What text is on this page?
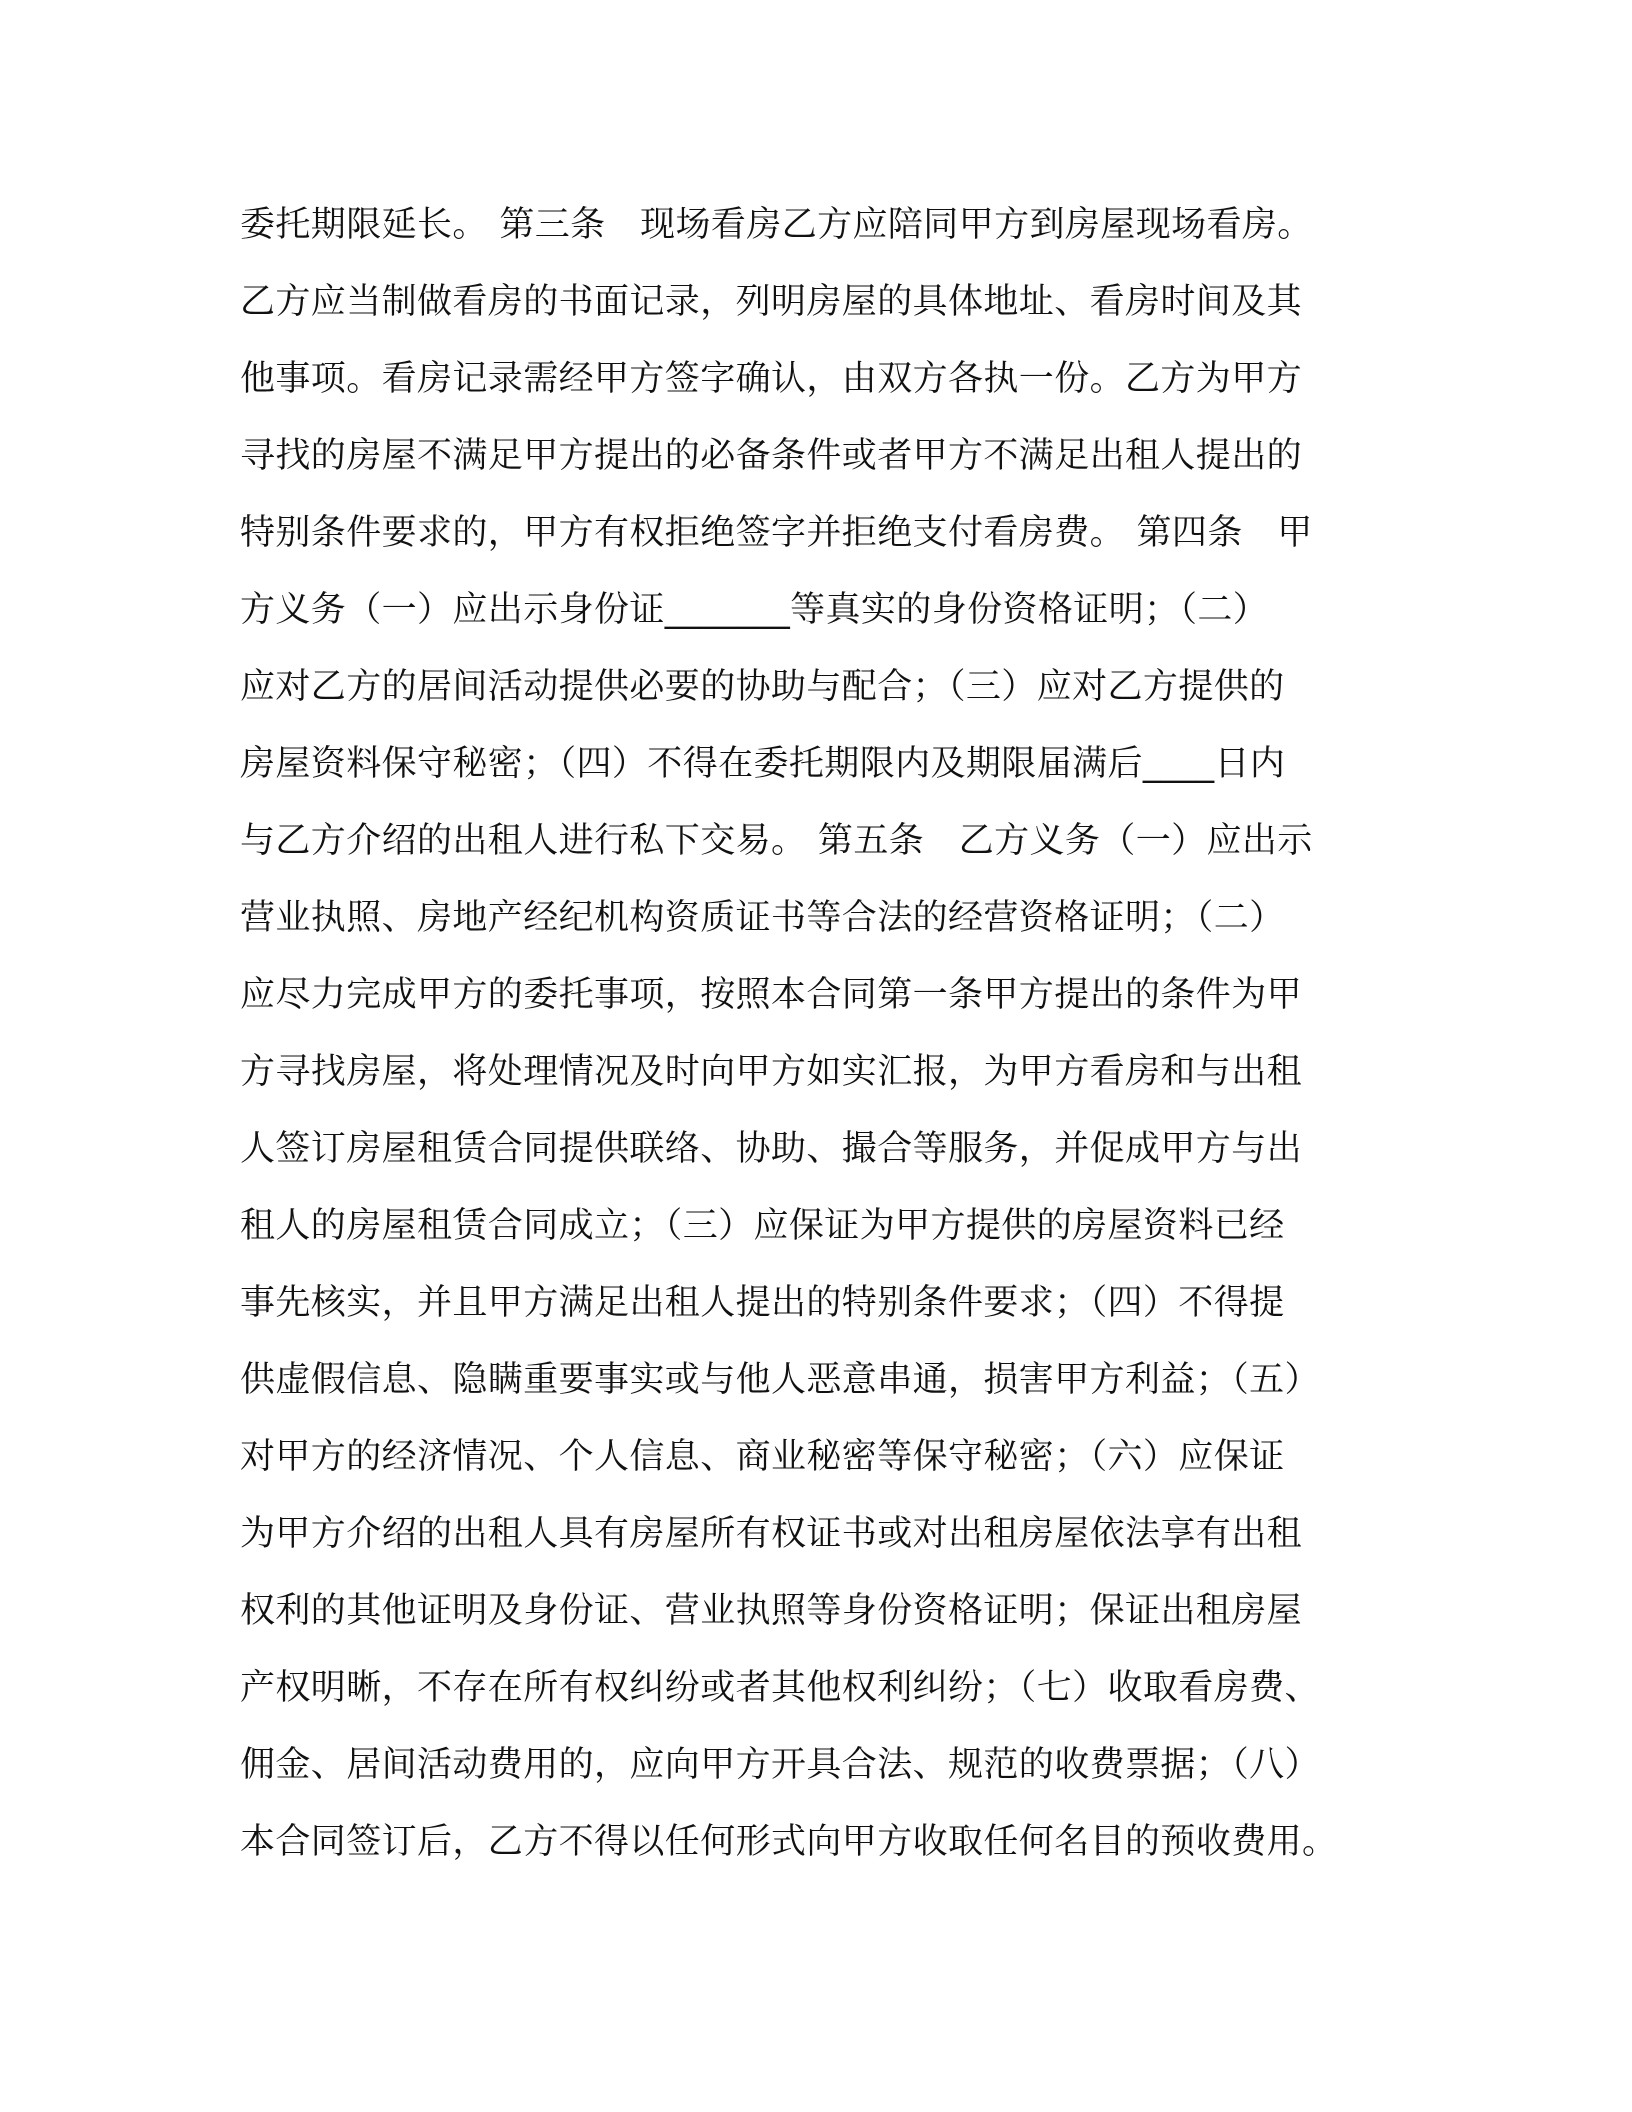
委托期限延长。 第三条   现场看房乙方应陪同甲方到房屋现场看房。
乙方应当制做看房的书面记录，列明房屋的具体地址、看房时间及其
他事项。看房记录需经甲方签字确认，由双方各执一份。乙方为甲方
寻找的房屋不满足甲方提出的必备条件或者甲方不满足出租人提出的
特别条件要求的，甲方有权拒绝签字并拒绝支付看房费。 第四条   甲
方义务（一）应出示身份证_______等真实的身份资格证明；（二）
应对乙方的居间活动提供必要的协助与配合；（三）应对乙方提供的
房屋资料保守秘密；（四）不得在委托期限内及期限届满后____日内
与乙方介绍的出租人进行私下交易。 第五条   乙方义务（一）应出示
营业执照、房地产经纪机构资质证书等合法的经营资格证明；（二）
应尽力完成甲方的委托事项，按照本合同第一条甲方提出的条件为甲
方寻找房屋，将处理情况及时向甲方如实汇报，为甲方看房和与出租
人签订房屋租赁合同提供联络、协助、撮合等服务，并促成甲方与出
租人的房屋租赁合同成立；（三）应保证为甲方提供的房屋资料已经
事先核实，并且甲方满足出租人提出的特别条件要求；（四）不得提
供虚假信息、隐瞒重要事实或与他人恶意串通，损害甲方利益；（五）
对甲方的经济情况、个人信息、商业秘密等保守秘密；（六）应保证
为甲方介绍的出租人具有房屋所有权证书或对出租房屋依法享有出租
权利的其他证明及身份证、营业执照等身份资格证明；保证出租房屋
产权明晰，不存在所有权纠纷或者其他权利纠纷；（七）收取看房费、
佣金、居间活动费用的，应向甲方开具合法、规范的收费票据；（八）
本合同签订后，乙方不得以任何形式向甲方收取任何名目的预收费用。
